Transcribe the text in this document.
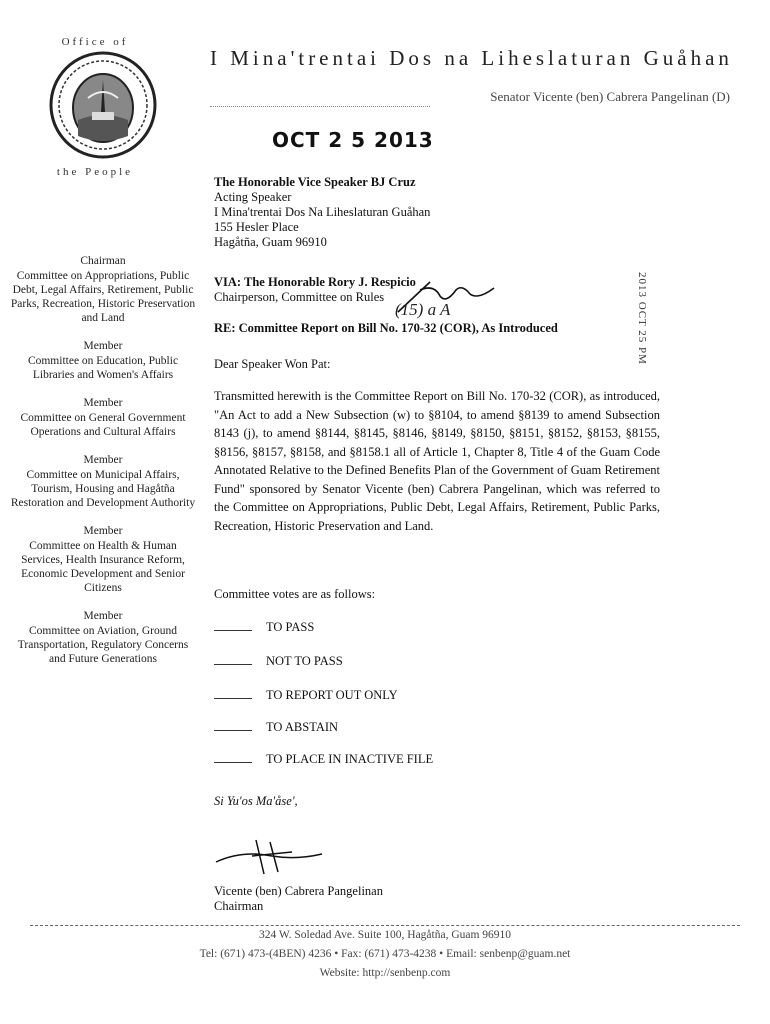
Office of
the People
I Mina'trentai Dos na Liheslaturan Guåhan
Senator Vicente (ben) Cabrera Pangelinan (D)
OCT 2 5 2013
2013 OCT 25 PM
Chairman
Committee on Appropriations, Public Debt, Legal Affairs, Retirement, Public Parks, Recreation, Historic Preservation and Land
Member
Committee on Education, Public Libraries and Women's Affairs
Member
Committee on General Government Operations and Cultural Affairs
Member
Committee on Municipal Affairs, Tourism, Housing and Hagåtña Restoration and Development Authority
Member
Committee on Health & Human Services, Health Insurance Reform, Economic Development and Senior Citizens
Member
Committee on Aviation, Ground Transportation, Regulatory Concerns and Future Generations
The Honorable Vice Speaker BJ Cruz
Acting Speaker
I Mina'trentai Dos Na Liheslaturan Guåhan
155 Hesler Place
Hagåtña, Guam 96910
VIA: The Honorable Rory J. Respicio
Chairperson, Committee on Rules
(15) a A
RE: Committee Report on Bill No. 170-32 (COR), As Introduced
Dear Speaker Won Pat:
Transmitted herewith is the Committee Report on Bill No. 170-32 (COR), as introduced, "An Act to add a New Subsection (w) to §8104, to amend §8139 to amend Subsection 8143 (j), to amend §8144, §8145, §8146, §8149, §8150, §8151, §8152, §8153, §8155, §8156, §8157, §8158, and §8158.1 all of Article 1, Chapter 8, Title 4 of the Guam Code Annotated Relative to the Defined Benefits Plan of the Government of Guam Retirement Fund" sponsored by Senator Vicente (ben) Cabrera Pangelinan, which was referred to the Committee on Appropriations, Public Debt, Legal Affairs, Retirement, Public Parks, Recreation, Historic Preservation and Land.
Committee votes are as follows:
TO PASS
NOT TO PASS
TO REPORT OUT ONLY
TO ABSTAIN
TO PLACE IN INACTIVE FILE
Si Yu'os Ma'åse',
Vicente (ben) Cabrera Pangelinan
Chairman
324 W. Soledad Ave. Suite 100, Hagåtña, Guam 96910
Tel: (671) 473-(4BEN) 4236 • Fax: (671) 473-4238 • Email: senbenp@guam.net
Website: http://senbenp.com
